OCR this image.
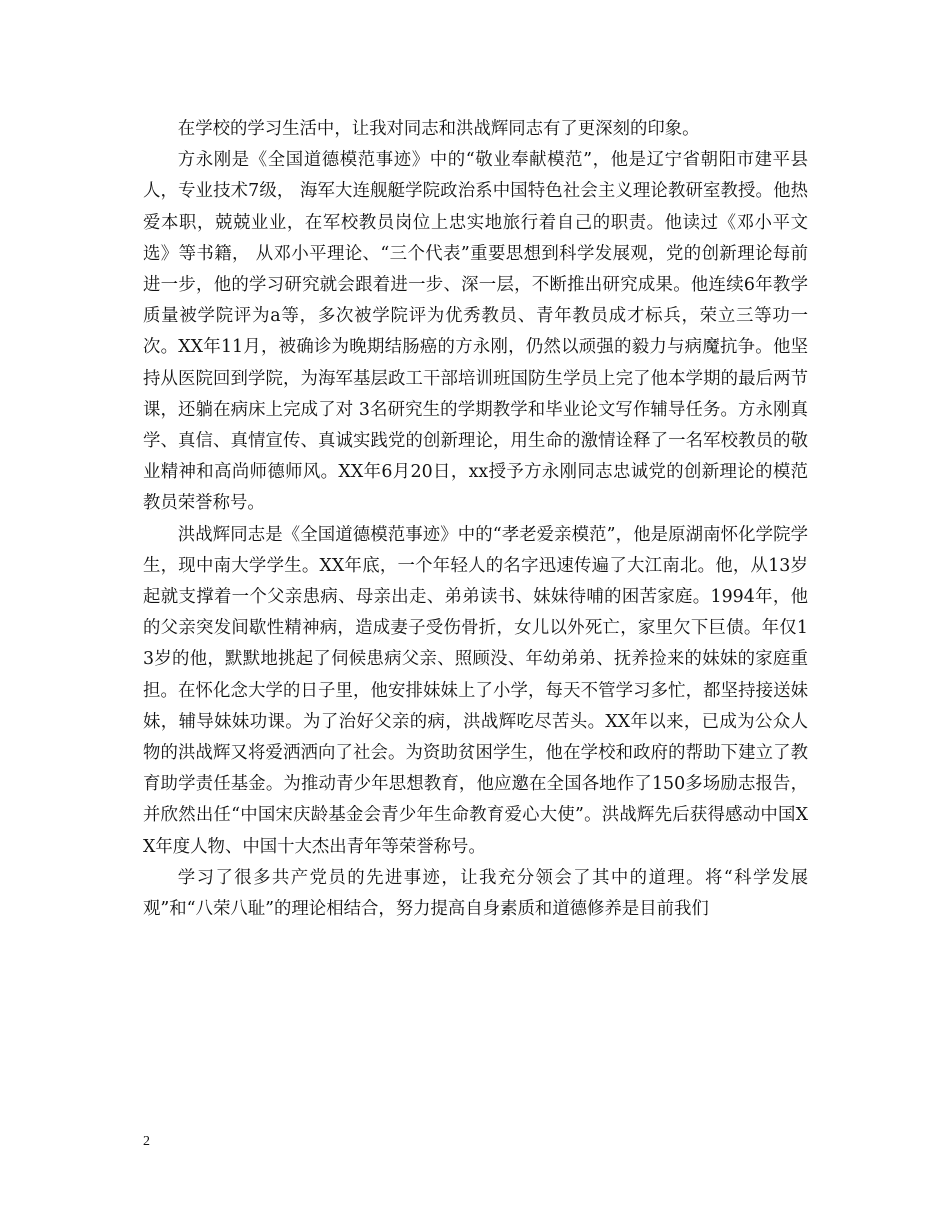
在学校的学习生活中，让我对同志和洪战辉同志有了更深刻的印象。

方永刚是《全国道德模范事迹》中的“敬业奉献模范”，他是辽宁省朝阳市建平县人，专业技术7级， 海军大连舰艇学院政治系中国特色社会主义理论教研室教授。他热爱本职，兢兢业业，在军校教员岗位上忠实地旅行着自己的职责。他读过《邓小平文选》等书籍， 从邓小平理论、“三个代表”重要思想到科学发展观，党的创新理论每前进一步，他的学习研究就会跟着进一步、深一层，不断推出研究成果。他连续6年教学质量被学院评为a等，多次被学院评为优秀教员、青年教员成才标兵，荣立三等功一次。XX年11月，被确诊为晚期结肠癌的方永刚，仍然以顽强的毅力与病魔抗争。他坚持从医院回到学院，为海军基层政工干部培训班国防生学员上完了他本学期的最后两节课，还躺在病床上完成了对 3名研究生的学期教学和毕业论文写作辅导任务。方永刚真学、真信、真情宣传、真诚实践党的创新理论，用生命的激情诠释了一名军校教员的敬业精神和高尚师德师风。XX年6月20日，xx授予方永刚同志忠诚党的创新理论的模范教员荣誉称号。

洪战辉同志是《全国道德模范事迹》中的“孝老爱亲模范”，他是原湖南怀化学院学生，现中南大学学生。XX年底，一个年轻人的名字迅速传遍了大江南北。他，从13岁起就支撑着一个父亲患病、母亲出走、弟弟读书、妹妹待哺的困苦家庭。1994年，他的父亲突发间歇性精神病，造成妻子受伤骨折，女儿以外死亡，家里欠下巨债。年仅13岁的他，默默地挑起了伺候患病父亲、照顾没、年幼弟弟、抚养捡来的妹妹的家庭重担。在怀化念大学的日子里，他安排妹妹上了小学，每天不管学习多忙，都坚持接送妹妹，辅导妹妹功课。为了治好父亲的病，洪战辉吃尽苦头。XX年以来，已成为公众人物的洪战辉又将爱洒洒向了社会。为资助贫困学生，他在学校和政府的帮助下建立了教育助学责任基金。为推动青少年思想教育，他应邀在全国各地作了150多场励志报告，并欣然出任“中国宋庆龄基金会青少年生命教育爱心大使”。洪战辉先后获得感动中国XX年度人物、中国十大杰出青年等荣誉称号。

学习了很多共产党员的先进事迹，让我充分领会了其中的道理。将“科学发展观”和“八荣八耻”的理论相结合，努力提高自身素质和道德修养是目前我们

2
